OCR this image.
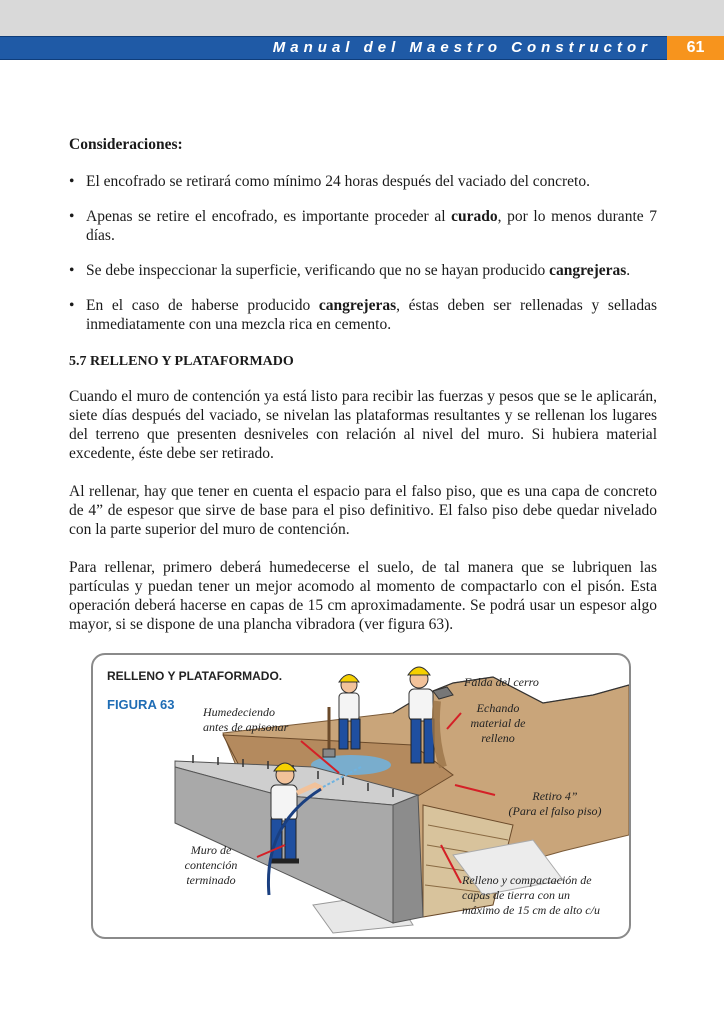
Manual del Maestro Constructor	61
Consideraciones:
• El encofrado se retirará como mínimo 24 horas después del vaciado del concreto.
• Apenas se retire el encofrado, es importante proceder al curado, por lo menos durante 7 días.
• Se debe inspeccionar la superficie, verificando que no se hayan producido cangrejeras.
• En el caso de haberse producido cangrejeras, éstas deben ser rellenadas y selladas inmediatamente con una mezcla rica en cemento.
5.7 RELLENO Y PLATAFORMADO

Cuando el muro de contención ya está listo para recibir las fuerzas y pesos que se le aplicarán, siete días después del vaciado, se nivelan las plataformas resultantes y se rellenan los lugares del terreno que presenten desniveles con relación al nivel del muro. Si hubiera material excedente, éste debe ser retirado.

Al rellenar, hay que tener en cuenta el espacio para el falso piso, que es una capa de concreto de 4” de espesor que sirve de base para el piso definitivo. El falso piso debe quedar nivelado con la parte superior del muro de contención.

Para rellenar, primero deberá humedecerse el suelo, de tal manera que se lubriquen las partículas y puedan tener un mejor acomodo al momento de compactarlo con el pisón. Esta operación deberá hacerse en capas de 15 cm aproximadamente. Se podrá usar un espesor algo mayor, si se dispone de una plancha vibradora (ver figura 63).

RELLENO Y PLATAFORMADO.
FIGURA 63
Falda del cerro
Humedeciendo
antes de apisonar
Echando
material de
relleno
Retiro 4”
(Para el falso piso)
Muro de
contención
terminado	Relleno y compactación de
capas de tierra con un
máximo de 15 cm de alto c/u
